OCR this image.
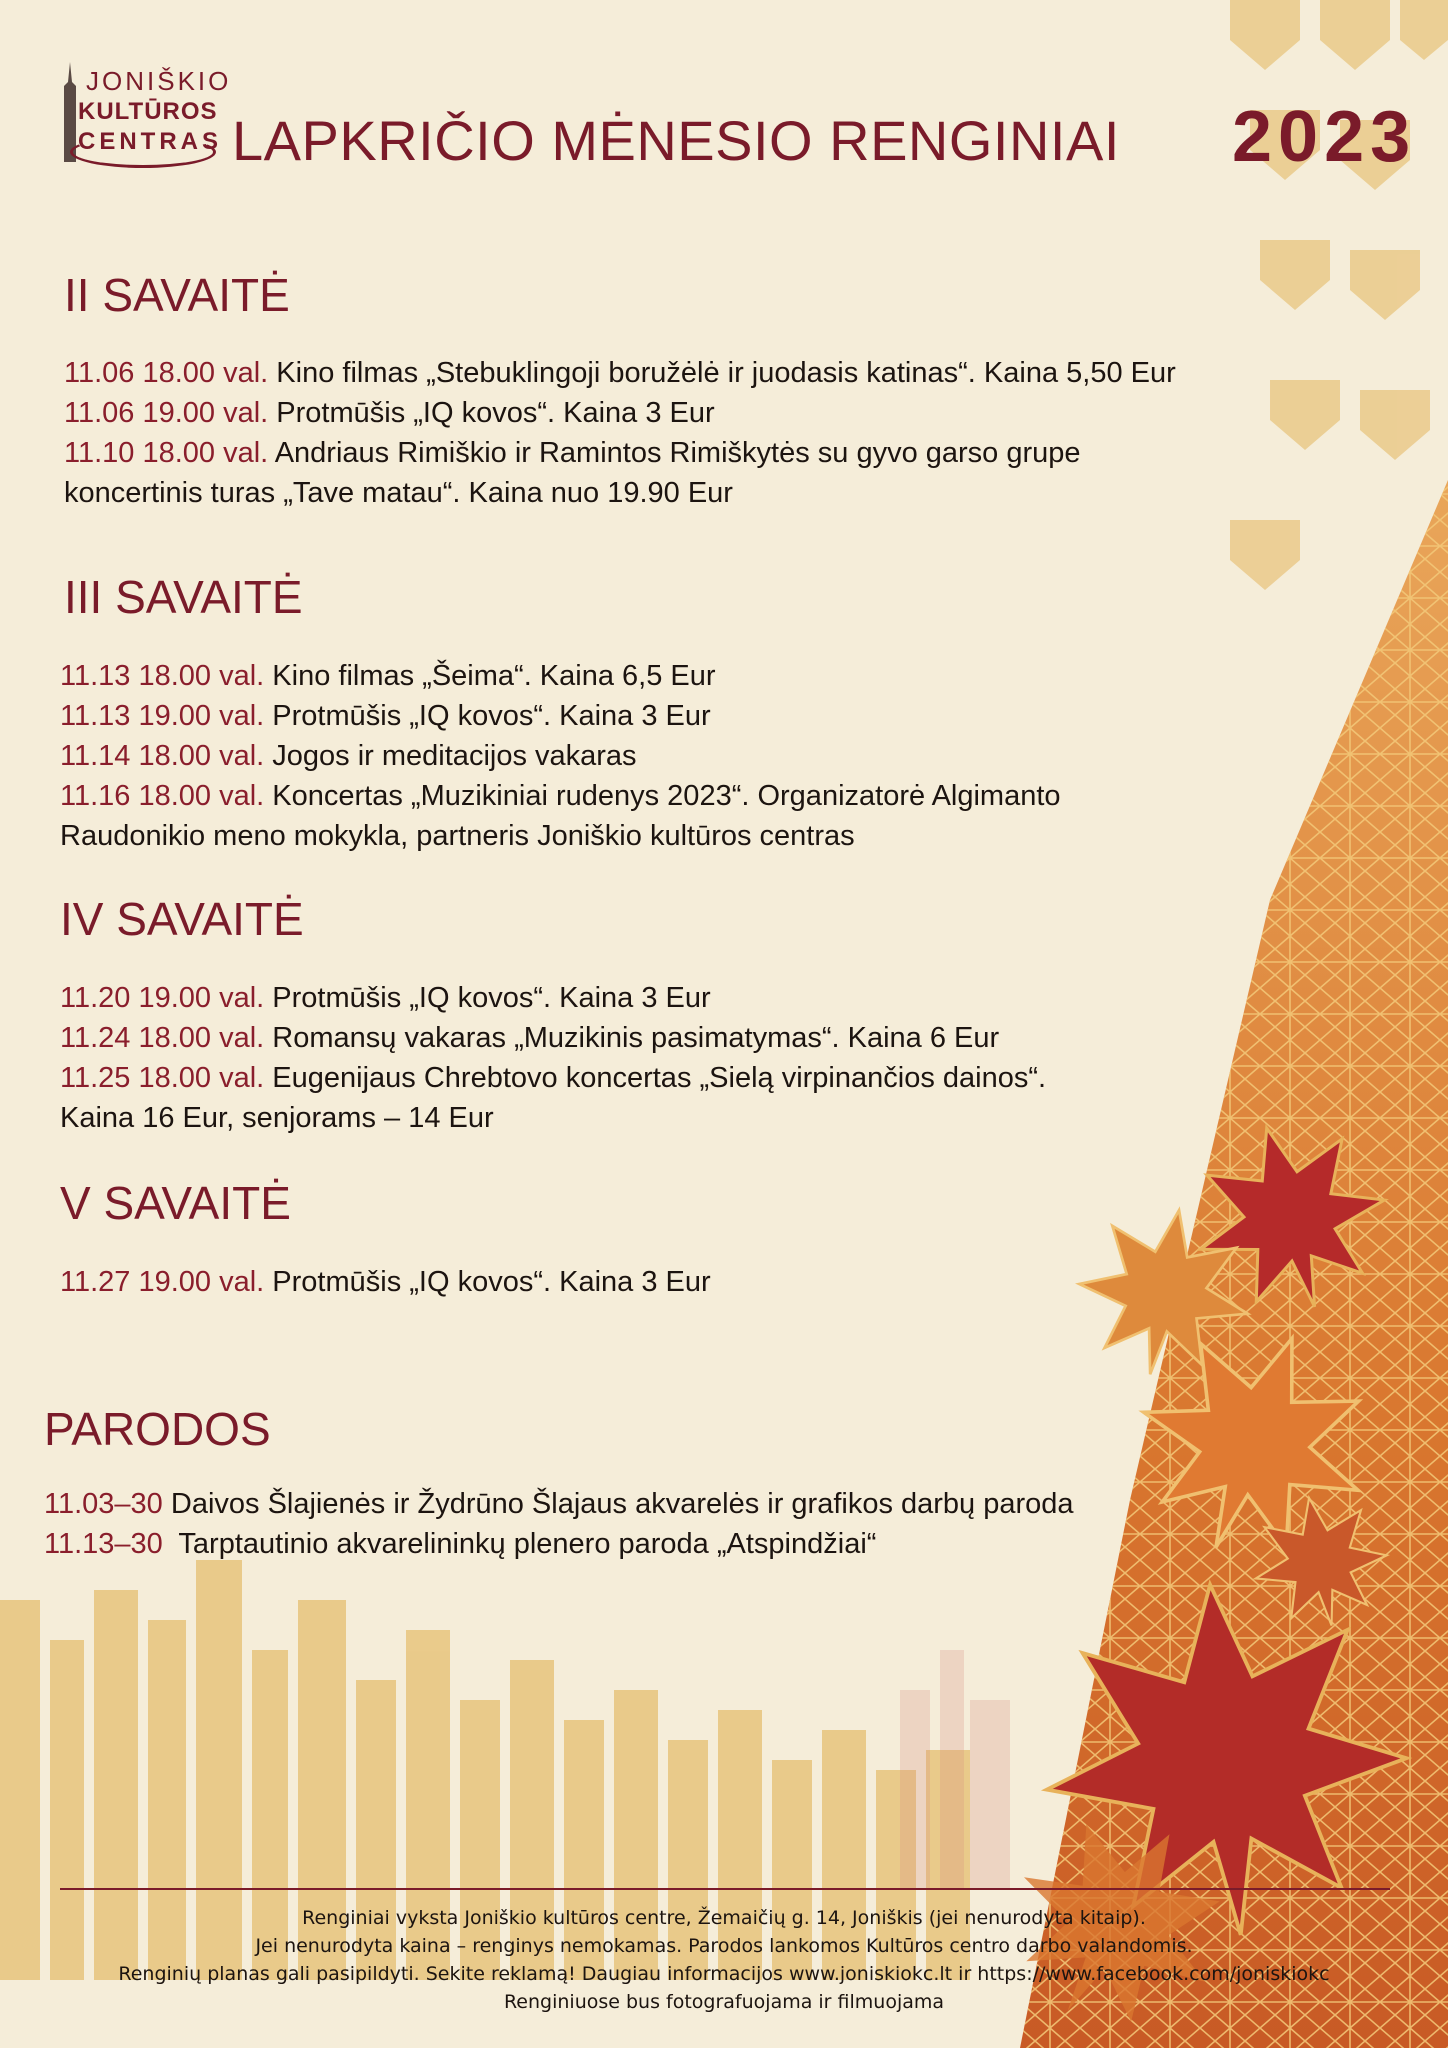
JONIŠKIO
KULTŪROS
CENTRAS LAPKRIČIO MĖNESIO RENGINIAI 2023
II SAVAITĖ
11.06 18.00 val. Kino filmas „Stebuklingoji boružėlė ir juodasis katinas“. Kaina 5,50 Eur
11.06 19.00 val. Protmūšis „IQ kovos“. Kaina 3 Eur
11.10 18.00 val. Andriaus Rimiškio ir Ramintos Rimiškytės su gyvo garso grupe
koncertinis turas „Tave matau“. Kaina nuo 19.90 Eur
III SAVAITĖ
11.13 18.00 val. Kino filmas „Šeima“. Kaina 6,5 Eur
11.13 19.00 val. Protmūšis „IQ kovos“. Kaina 3 Eur
11.14 18.00 val. Jogos ir meditacijos vakaras
11.16 18.00 val. Koncertas „Muzikiniai rudenys 2023“. Organizatorė Algimanto
Raudonikio meno mokykla, partneris Joniškio kultūros centras
IV SAVAITĖ
11.20 19.00 val. Protmūšis „IQ kovos“. Kaina 3 Eur
11.24 18.00 val. Romansų vakaras „Muzikinis pasimatymas“. Kaina 6 Eur
11.25 18.00 val. Eugenijaus Chrebtovo koncertas „Sielą virpinančios dainos“.
Kaina 16 Eur, senjorams – 14 Eur
V SAVAITĖ
11.27 19.00 val. Protmūšis „IQ kovos“. Kaina 3 Eur
PARODOS
11.03–30 Daivos Šlajienės ir Žydrūno Šlajaus akvarelės ir grafikos darbų paroda
11.13–30 Tarptautinio akvarelininkų plenero paroda „Atspindžiai“
Renginiai vyksta Joniškio kultūros centre, Žemaičių g. 14, Joniškis (jei nenurodyta kitaip).
Jei nenurodyta kaina – renginys nemokamas. Parodos lankomos Kultūros centro darbo valandomis.
Renginių planas gali pasipildyti. Sekite reklamą! Daugiau informacijos www.joniskiokc.lt ir https://www.facebook.com/joniskiokc
Renginiuose bus fotografuojama ir filmuojama
